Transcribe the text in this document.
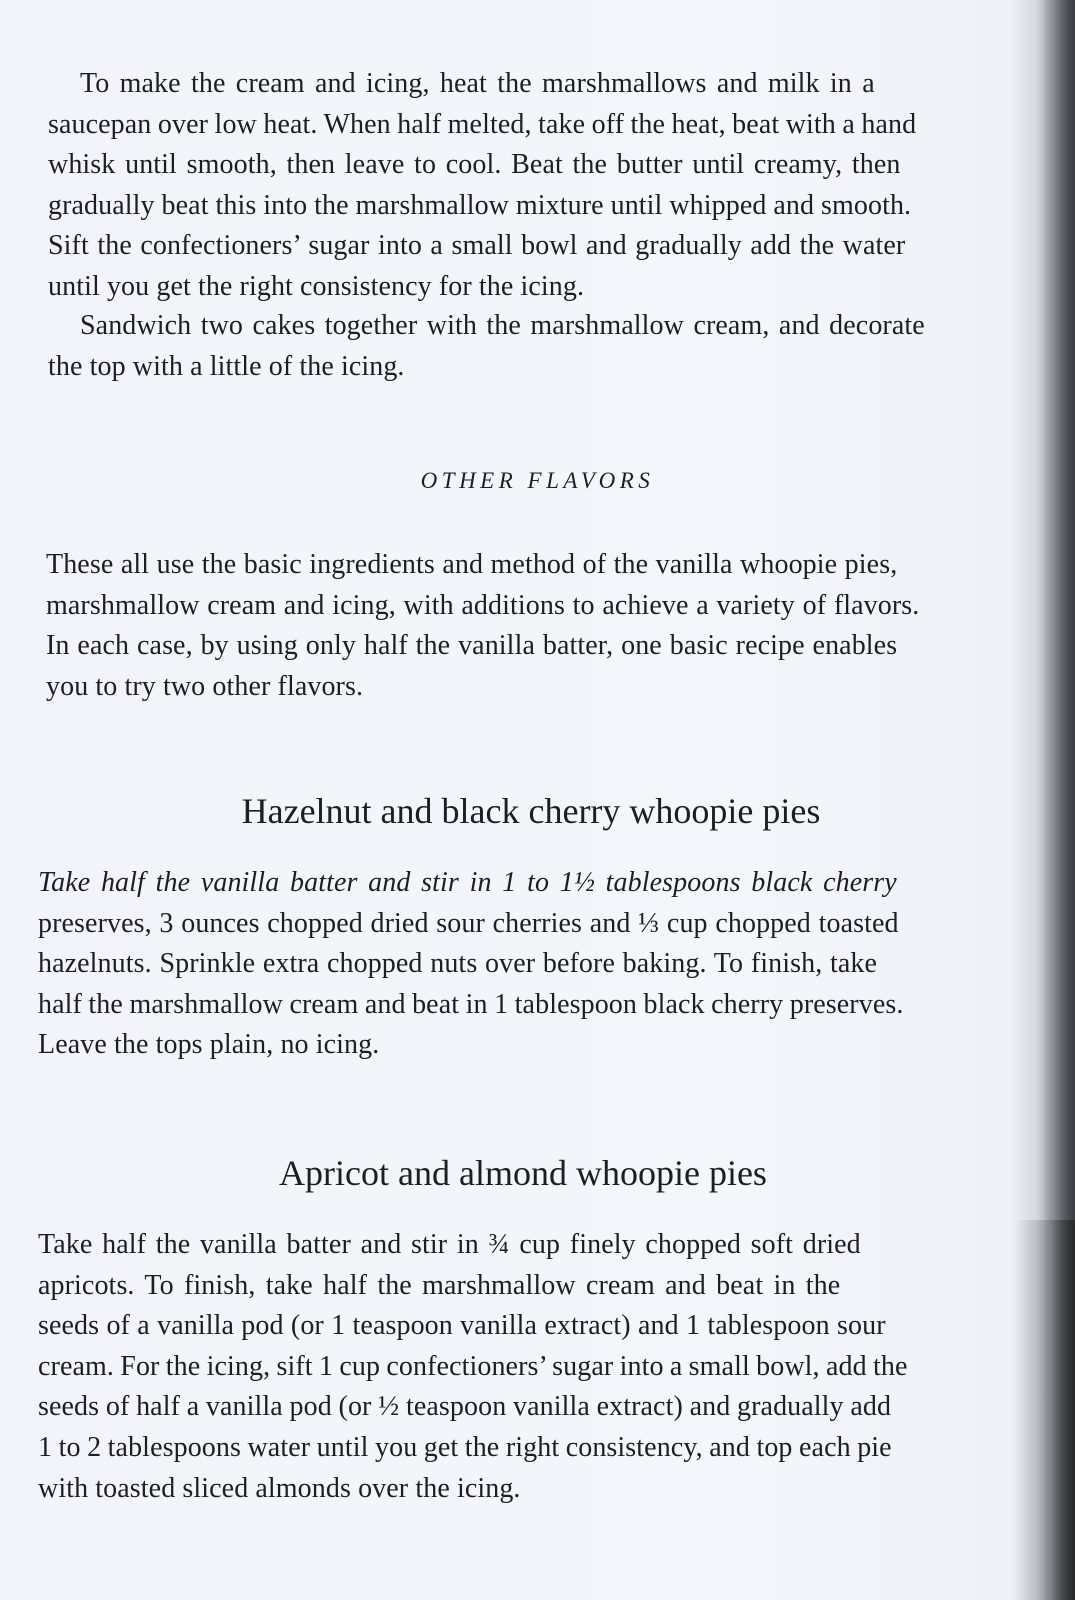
To make the cream and icing, heat the marshmallows and milk in a
saucepan over low heat. When half melted, take off the heat, beat with a hand
whisk until smooth, then leave to cool. Beat the butter until creamy, then
gradually beat this into the marshmallow mixture until whipped and smooth.
Sift the confectioners’ sugar into a small bowl and gradually add the water
until you get the right consistency for the icing.

Sandwich two cakes together with the marshmallow cream, and decorate
the top with a little of the icing.

OTHER FLAVORS

These all use the basic ingredients and method of the vanilla whoopie pies,
marshmallow cream and icing, with additions to achieve a variety of flavors.
In each case, by using only half the vanilla batter, one basic recipe enables
you to try two other flavors.

Hazelnut and black cherry whoopie pies

Take half the vanilla batter and stir in 1 to 1½ tablespoons black cherry
preserves, 3 ounces chopped dried sour cherries and ⅓ cup chopped toasted
hazelnuts. Sprinkle extra chopped nuts over before baking. To finish, take
half the marshmallow cream and beat in 1 tablespoon black cherry preserves.
Leave the tops plain, no icing.

Apricot and almond whoopie pies

Take half the vanilla batter and stir in ¾ cup finely chopped soft dried
apricots. To finish, take half the marshmallow cream and beat in the
seeds of a vanilla pod (or 1 teaspoon vanilla extract) and 1 tablespoon sour
cream. For the icing, sift 1 cup confectioners’ sugar into a small bowl, add the
seeds of half a vanilla pod (or ½ teaspoon vanilla extract) and gradually add
1 to 2 tablespoons water until you get the right consistency, and top each pie
with toasted sliced almonds over the icing.
